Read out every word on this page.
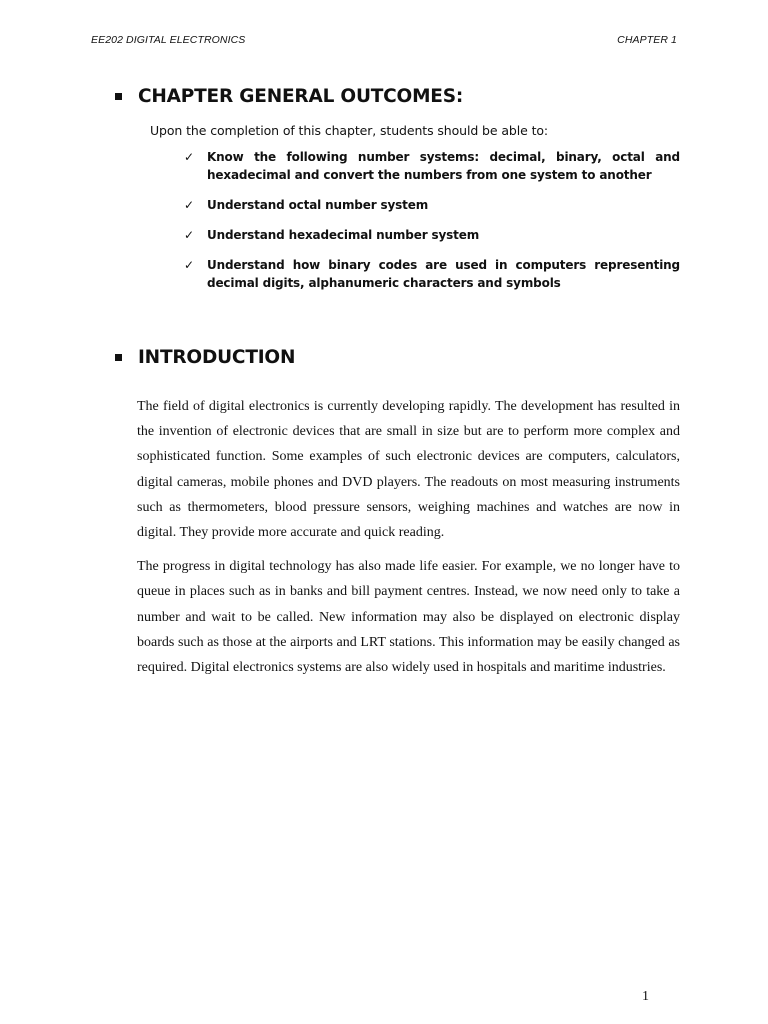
EE202 DIGITAL ELECTRONICS	CHAPTER 1
CHAPTER GENERAL OUTCOMES:
Upon the completion of this chapter, students should be able to:
✓ Know the following number systems: decimal, binary, octal and hexadecimal and convert the numbers from one system to another
✓ Understand octal number system
✓ Understand hexadecimal number system
✓ Understand how binary codes are used in computers representing decimal digits, alphanumeric characters and symbols
INTRODUCTION

The field of digital electronics is currently developing rapidly. The development has resulted in the invention of electronic devices that are small in size but are to perform more complex and sophisticated function. Some examples of such electronic devices are computers, calculators, digital cameras, mobile phones and DVD players. The readouts on most measuring instruments such as thermometers, blood pressure sensors, weighing machines and watches are now in digital. They provide more accurate and quick reading.

The progress in digital technology has also made life easier. For example, we no longer have to queue in places such as in banks and bill payment centres. Instead, we now need only to take a number and wait to be called. New information may also be displayed on electronic display boards such as those at the airports and LRT stations. This information may be easily changed as required. Digital electronics systems are also widely used in hospitals and maritime industries.

1
